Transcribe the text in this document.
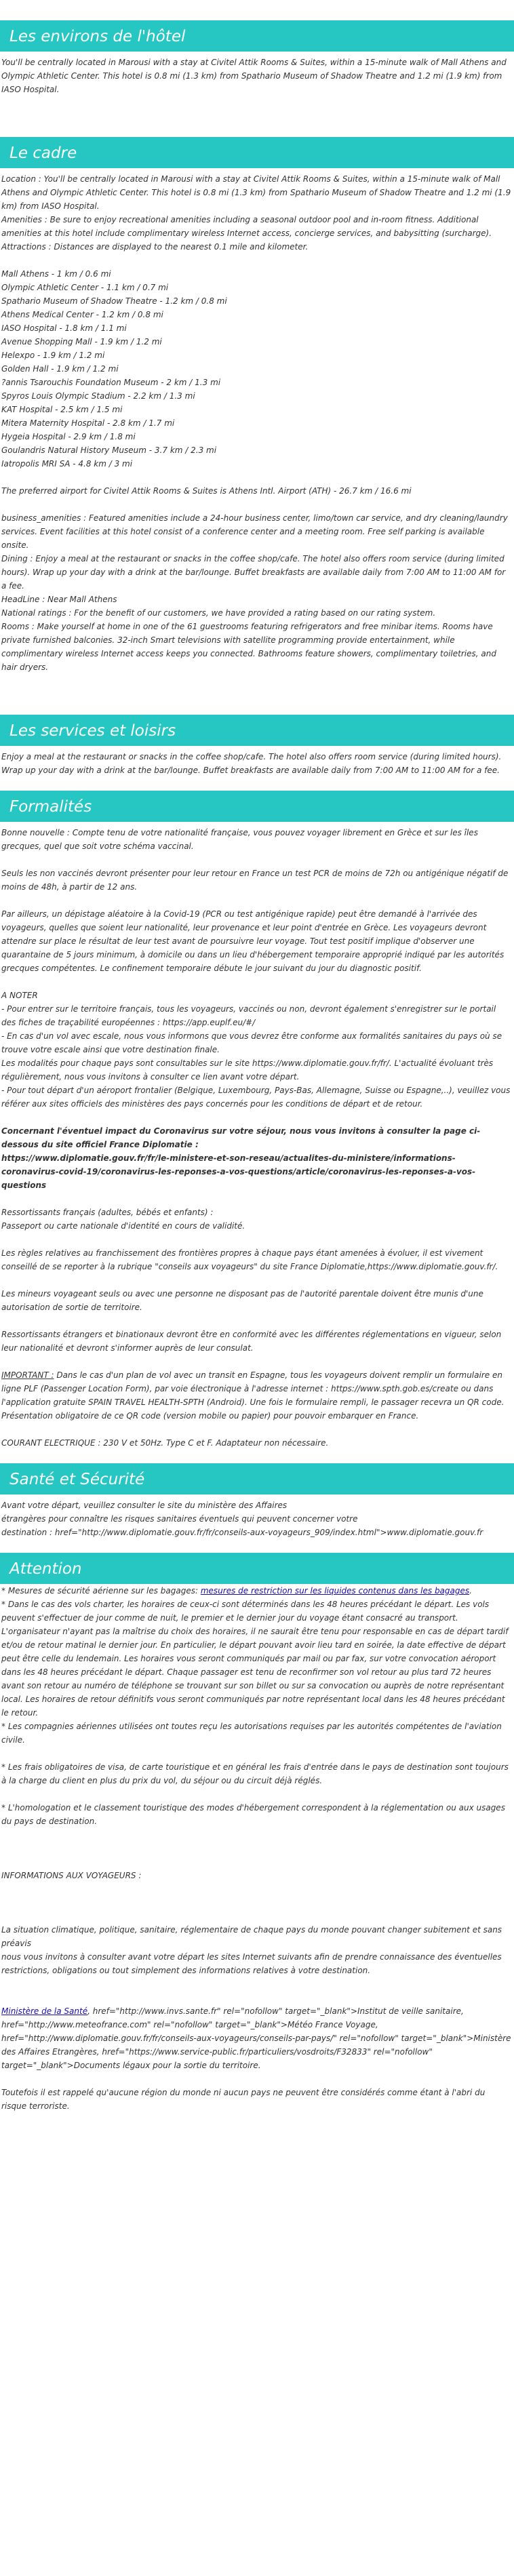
Les environs de l'hôtel

You'll be centrally located in Marousi with a stay at Civitel Attik Rooms & Suites, within a 15-minute walk of Mall Athens and Olympic Athletic Center. This hotel is 0.8 mi (1.3 km) from Spathario Museum of Shadow Theatre and 1.2 mi (1.9 km) from IASO Hospital.

Le cadre

Location : You'll be centrally located in Marousi with a stay at Civitel Attik Rooms & Suites, within a 15-minute walk of Mall Athens and Olympic Athletic Center. This hotel is 0.8 mi (1.3 km) from Spathario Museum of Shadow Theatre and 1.2 mi (1.9 km) from IASO Hospital.
Amenities : Be sure to enjoy recreational amenities including a seasonal outdoor pool and in-room fitness. Additional amenities at this hotel include complimentary wireless Internet access, concierge services, and babysitting (surcharge).
Attractions : Distances are displayed to the nearest 0.1 mile and kilometer.

Mall Athens - 1 km / 0.6 mi
Olympic Athletic Center - 1.1 km / 0.7 mi
Spathario Museum of Shadow Theatre - 1.2 km / 0.8 mi
Athens Medical Center - 1.2 km / 0.8 mi
IASO Hospital - 1.8 km / 1.1 mi
Avenue Shopping Mall - 1.9 km / 1.2 mi
Helexpo - 1.9 km / 1.2 mi
Golden Hall - 1.9 km / 1.2 mi
?annis Tsarouchis Foundation Museum - 2 km / 1.3 mi
Spyros Louis Olympic Stadium - 2.2 km / 1.3 mi
KAT Hospital - 2.5 km / 1.5 mi
Mitera Maternity Hospital - 2.8 km / 1.7 mi
Hygeia Hospital - 2.9 km / 1.8 mi
Goulandris Natural History Museum - 3.7 km / 2.3 mi
Iatropolis MRI SA - 4.8 km / 3 mi

The preferred airport for Civitel Attik Rooms & Suites is Athens Intl. Airport (ATH) - 26.7 km / 16.6 mi

business_amenities : Featured amenities include a 24-hour business center, limo/town car service, and dry cleaning/laundry services. Event facilities at this hotel consist of a conference center and a meeting room. Free self parking is available onsite.
Dining : Enjoy a meal at the restaurant or snacks in the coffee shop/cafe. The hotel also offers room service (during limited hours). Wrap up your day with a drink at the bar/lounge. Buffet breakfasts are available daily from 7:00 AM to 11:00 AM for a fee.
HeadLine : Near Mall Athens
National ratings : For the benefit of our customers, we have provided a rating based on our rating system.
Rooms : Make yourself at home in one of the 61 guestrooms featuring refrigerators and free minibar items. Rooms have private furnished balconies. 32-inch Smart televisions with satellite programming provide entertainment, while complimentary wireless Internet access keeps you connected. Bathrooms feature showers, complimentary toiletries, and hair dryers.

Les services et loisirs

Enjoy a meal at the restaurant or snacks in the coffee shop/cafe. The hotel also offers room service (during limited hours). Wrap up your day with a drink at the bar/lounge. Buffet breakfasts are available daily from 7:00 AM to 11:00 AM for a fee.

Formalités

Bonne nouvelle : Compte tenu de votre nationalité française, vous pouvez voyager librement en Grèce et sur les îles grecques, quel que soit votre schéma vaccinal.

Seuls les non vaccinés devront présenter pour leur retour en France un test PCR de moins de 72h ou antigénique négatif de moins de 48h, à partir de 12 ans.

Par ailleurs, un dépistage aléatoire à la Covid-19 (PCR ou test antigénique rapide) peut être demandé à l'arrivée des voyageurs, quelles que soient leur nationalité, leur provenance et leur point d'entrée en Grèce. Les voyageurs devront attendre sur place le résultat de leur test avant de poursuivre leur voyage. Tout test positif implique d'observer une quarantaine de 5 jours minimum, à domicile ou dans un lieu d'hébergement temporaire approprié indiqué par les autorités grecques compétentes. Le confinement temporaire débute le jour suivant du jour du diagnostic positif.

A NOTER
- Pour entrer sur le territoire français, tous les voyageurs, vaccinés ou non, devront également s'enregistrer sur le portail des fiches de traçabilité européennes : https://app.euplf.eu/#/
- En cas d'un vol avec escale, nous vous informons que vous devrez être conforme aux formalités sanitaires du pays où se trouve votre escale ainsi que votre destination finale.
Les modalités pour chaque pays sont consultables sur le site https://www.diplomatie.gouv.fr/fr/. L'actualité évoluant très régulièrement, nous vous invitons à consulter ce lien avant votre départ.
- Pour tout départ d'un aéroport frontalier (Belgique, Luxembourg, Pays-Bas, Allemagne, Suisse ou Espagne,..), veuillez vous référer aux sites officiels des ministères des pays concernés pour les conditions de départ et de retour.

Concernant l'éventuel impact du Coronavirus sur votre séjour, nous vous invitons à consulter la page ci-dessous du site officiel France Diplomatie :
https://www.diplomatie.gouv.fr/fr/le-ministere-et-son-reseau/actualites-du-ministere/informations-coronavirus-covid-19/coronavirus-les-reponses-a-vos-questions/article/coronavirus-les-reponses-a-vos-questions

Ressortissants français (adultes, bébés et enfants) :
Passeport ou carte nationale d'identité en cours de validité.

Les règles relatives au franchissement des frontières propres à chaque pays étant amenées à évoluer, il est vivement conseillé de se reporter à la rubrique "conseils aux voyageurs" du site France Diplomatie,https://www.diplomatie.gouv.fr/.

Les mineurs voyageant seuls ou avec une personne ne disposant pas de l'autorité parentale doivent être munis d'une autorisation de sortie de territoire.

Ressortissants étrangers et binationaux devront être en conformité avec les différentes réglementations en vigueur, selon leur nationalité et devront s'informer auprès de leur consulat.

IMPORTANT : Dans le cas d'un plan de vol avec un transit en Espagne, tous les voyageurs doivent remplir un formulaire en ligne PLF (Passenger Location Form), par voie électronique à l'adresse internet : https://www.spth.gob.es/create ou dans l'application gratuite SPAIN TRAVEL HEALTH-SPTH (Android). Une fois le formulaire rempli, le passager recevra un QR code. Présentation obligatoire de ce QR code (version mobile ou papier) pour pouvoir embarquer en France.

COURANT ELECTRIQUE : 230 V et 50Hz. Type C et F. Adaptateur non nécessaire.

Santé et Sécurité

Avant votre départ, veuillez consulter le site du ministère des Affaires
étrangères pour connaître les risques sanitaires éventuels qui peuvent concerner votre
destination : href="http://www.diplomatie.gouv.fr/fr/conseils-aux-voyageurs_909/index.html">www.diplomatie.gouv.fr

Attention

* Mesures de sécurité aérienne sur les bagages: mesures de restriction sur les liquides contenus dans les bagages.
* Dans le cas des vols charter, les horaires de ceux-ci sont déterminés dans les 48 heures précédant le départ. Les vols peuvent s'effectuer de jour comme de nuit, le premier et le dernier jour du voyage étant consacré au transport. L'organisateur n'ayant pas la maîtrise du choix des horaires, il ne saurait être tenu pour responsable en cas de départ tardif et/ou de retour matinal le dernier jour. En particulier, le départ pouvant avoir lieu tard en soirée, la date effective de départ peut être celle du lendemain. Les horaires vous seront communiqués par mail ou par fax, sur votre convocation aéroport dans les 48 heures précédant le départ. Chaque passager est tenu de reconfirmer son vol retour au plus tard 72 heures avant son retour au numéro de téléphone se trouvant sur son billet ou sur sa convocation ou auprès de notre représentant local. Les horaires de retour définitifs vous seront communiqués par notre représentant local dans les 48 heures précédant le retour.
* Les compagnies aériennes utilisées ont toutes reçu les autorisations requises par les autorités compétentes de l'aviation civile.

* Les frais obligatoires de visa, de carte touristique et en général les frais d'entrée dans le pays de destination sont toujours à la charge du client en plus du prix du vol, du séjour ou du circuit déjà réglés.

* L'homologation et le classement touristique des modes d'hébergement correspondent à la réglementation ou aux usages du pays de destination.

INFORMATIONS AUX VOYAGEURS :

La situation climatique, politique, sanitaire, réglementaire de chaque pays du monde pouvant changer subitement et sans préavis
nous vous invitons à consulter avant votre départ les sites Internet suivants afin de prendre connaissance des éventuelles restrictions, obligations ou tout simplement des informations relatives à votre destination.

Ministère de la Santé, href="http://www.invs.sante.fr" rel="nofollow" target="_blank">Institut de veille sanitaire, href="http://www.meteofrance.com" rel="nofollow" target="_blank">Météo France Voyage, href="http://www.diplomatie.gouv.fr/fr/conseils-aux-voyageurs/conseils-par-pays/" rel="nofollow" target="_blank">Ministère des Affaires Etrangères, href="https://www.service-public.fr/particuliers/vosdroits/F32833" rel="nofollow" target="_blank">Documents légaux pour la sortie du territoire.

Toutefois il est rappelé qu'aucune région du monde ni aucun pays ne peuvent être considérés comme étant à l'abri du risque terroriste.
